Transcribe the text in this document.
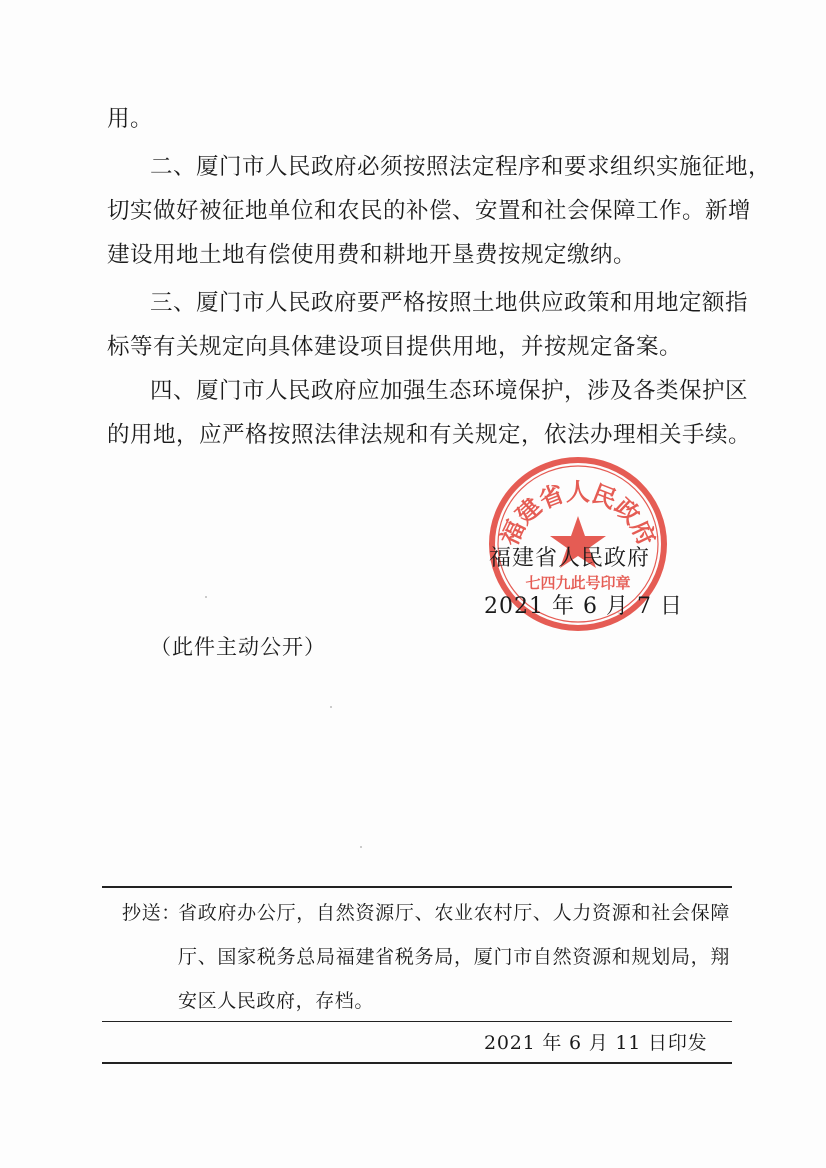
用。
二、厦门市人民政府必须按照法定程序和要求组织实施征地，
切实做好被征地单位和农民的补偿、安置和社会保障工作。新增
建设用地土地有偿使用费和耕地开垦费按规定缴纳。
三、厦门市人民政府要严格按照土地供应政策和用地定额指
标等有关规定向具体建设项目提供用地，并按规定备案。
四、厦门市人民政府应加强生态环境保护，涉及各类保护区
的用地，应严格按照法律法规和有关规定，依法办理相关手续。
福建省人民政府
七四九此号印章
福建省人民政府
2021 年 6 月 7 日
（此件主动公开）
抄送：
省政府办公厅，自然资源厅、农业农村厅、人力资源和社会保障
厅、国家税务总局福建省税务局，厦门市自然资源和规划局，翔
安区人民政府，存档。
2021 年 6 月 11 日印发
